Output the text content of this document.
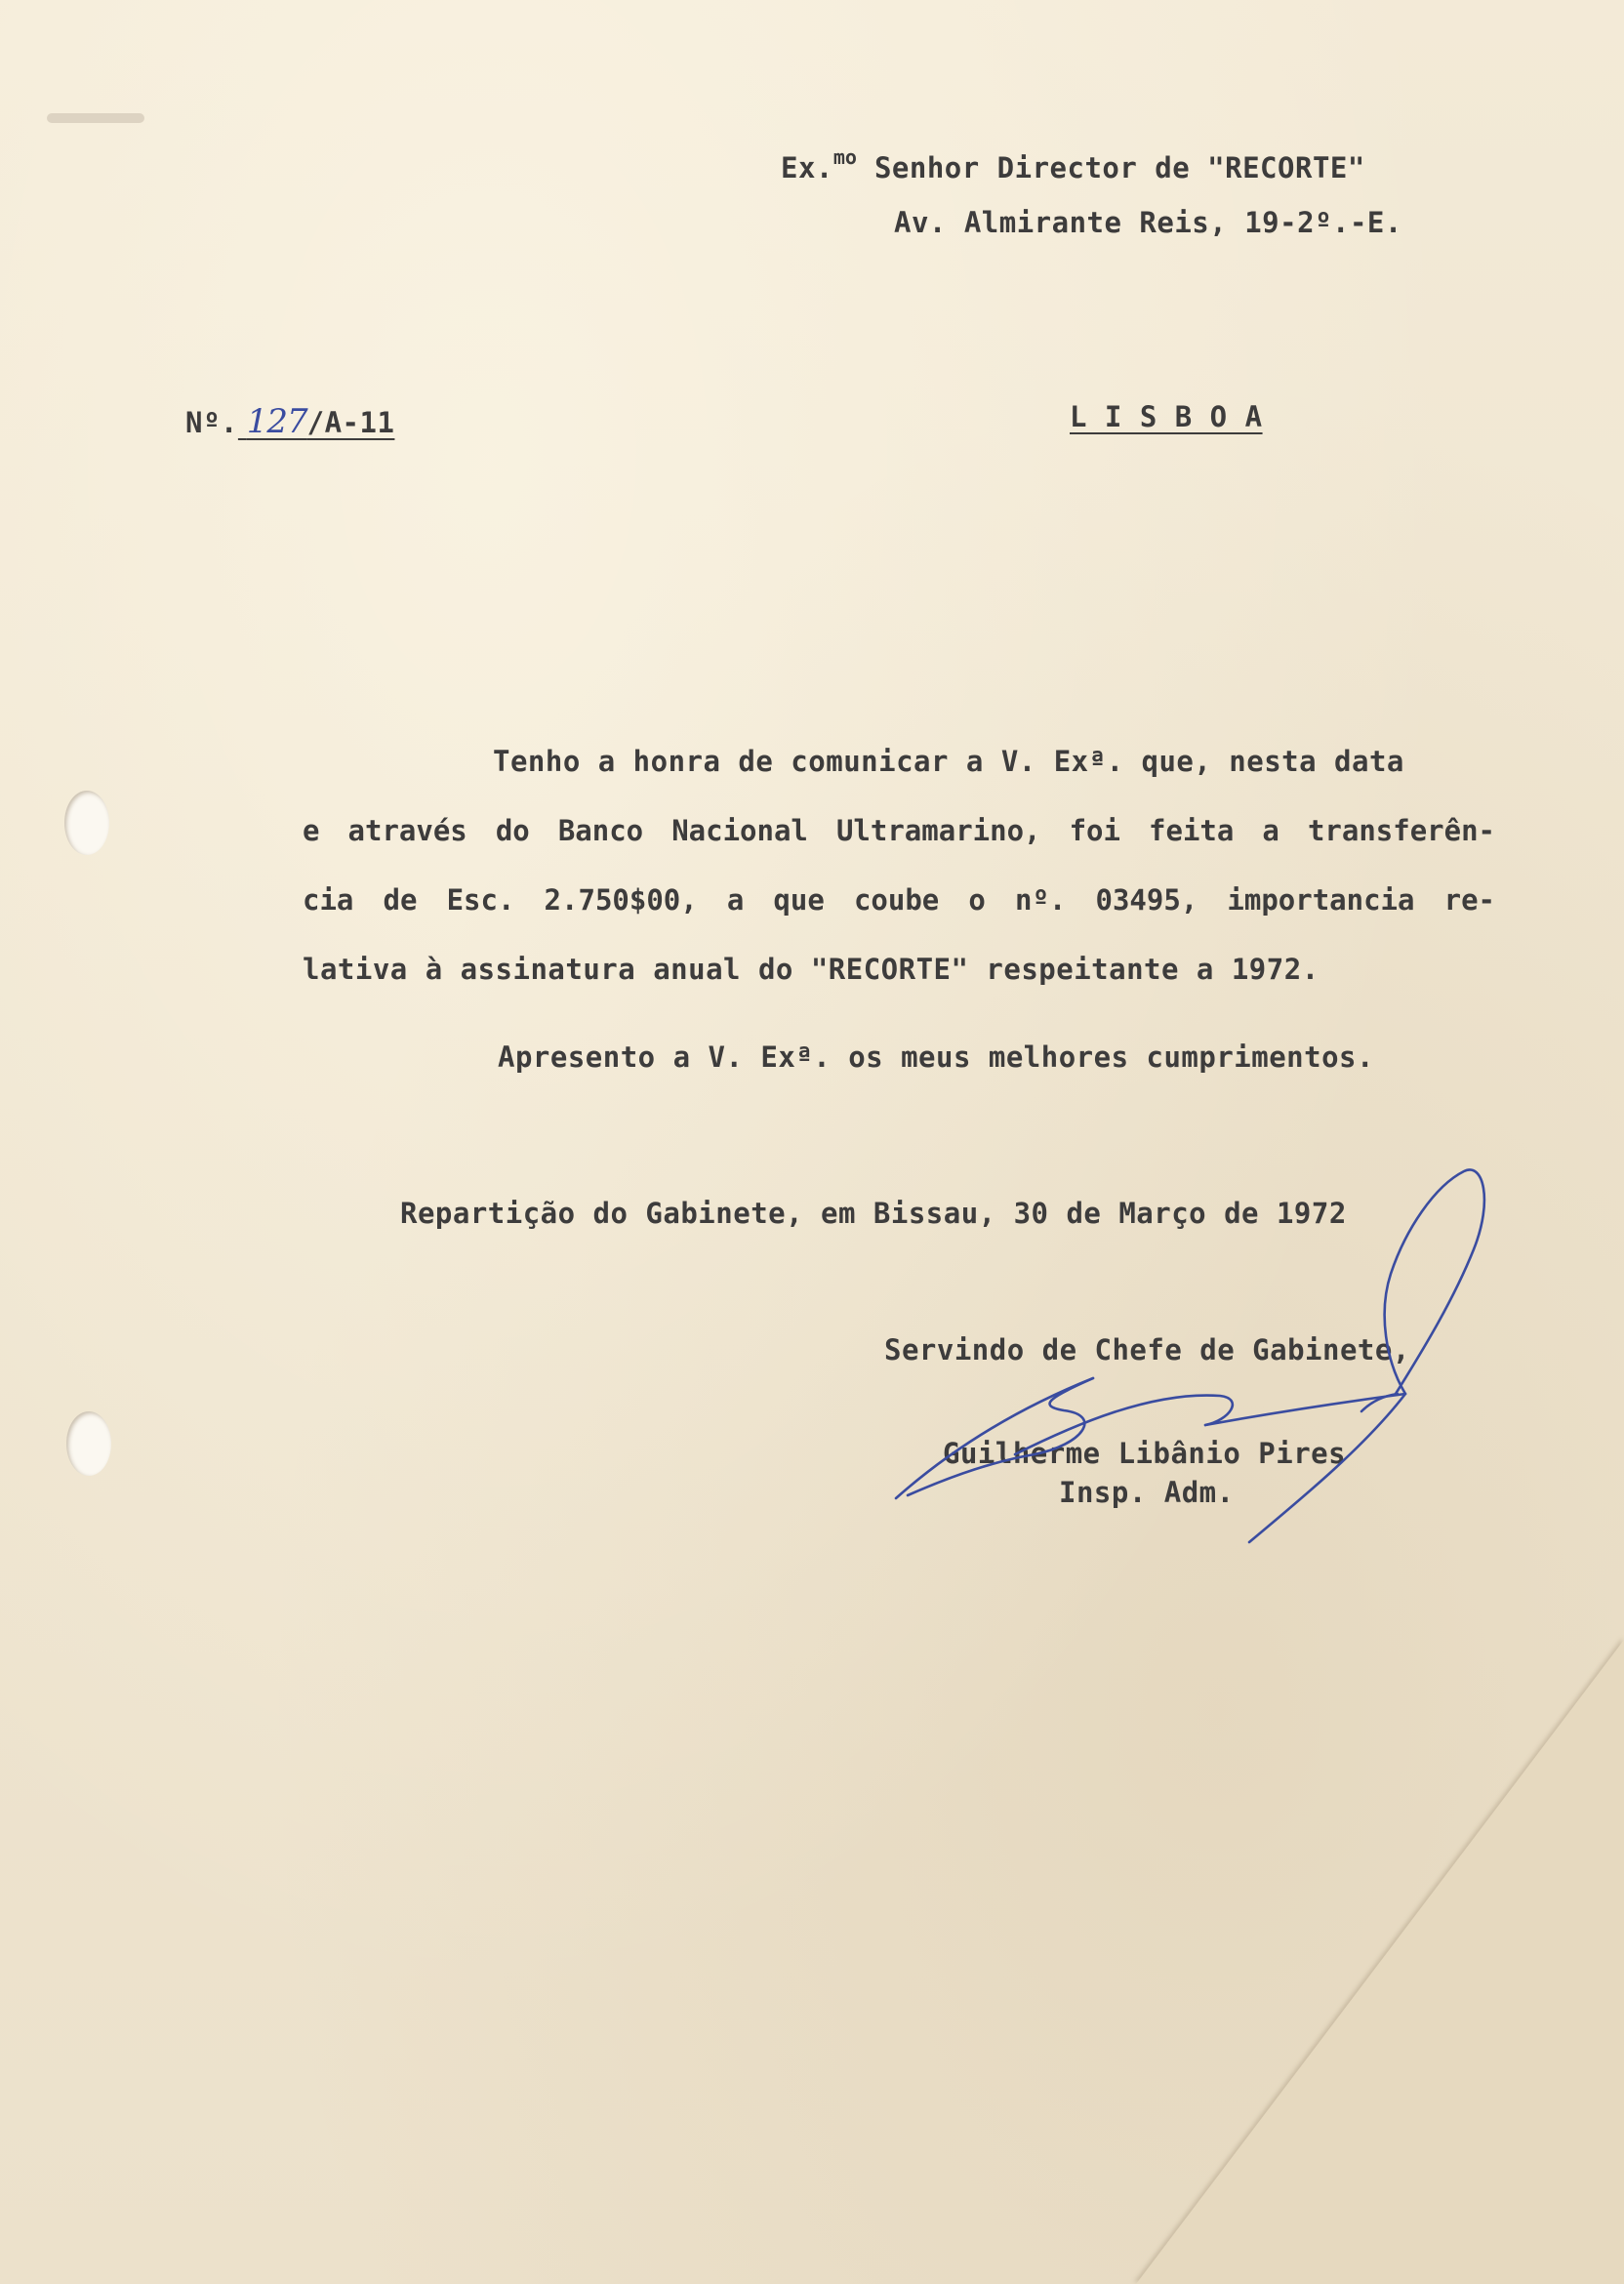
Ex.$^{mo}$ Senhor Director de "RECORTE"
Av. Almirante Reis, 19-2º.-E.
Nº. 127/A-11	L I S B O A
Tenho a honra de comunicar a V. Exª. que, nesta data
e através do Banco Nacional Ultramarino, foi feita a transferên-
cia de Esc. 2.750$00, a que coube o nº. 03495, importancia re-
lativa à assinatura anual do "RECORTE" respeitante a 1972.
Apresento a V. Exª. os meus melhores cumprimentos.
Repartição do Gabinete, em Bissau, 30 de Março de 1972
Servindo de Chefe de Gabinete,
Guilherme Libânio Pires
Insp. Adm.
